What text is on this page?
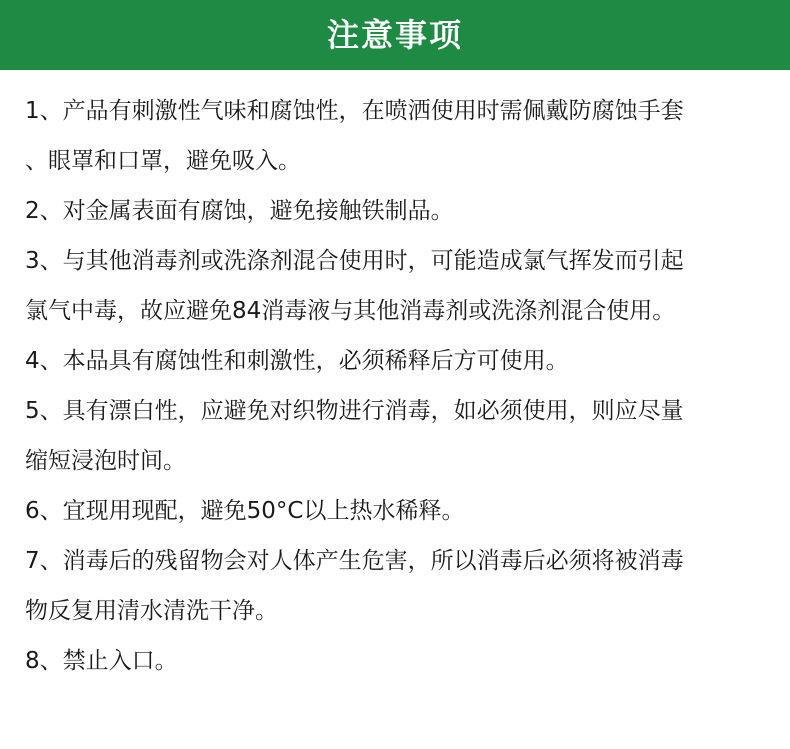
注意事项
1、产品有刺激性气味和腐蚀性，在喷洒使用时需佩戴防腐蚀手套
、眼罩和口罩，避免吸入。
2、对金属表面有腐蚀，避免接触铁制品。
3、与其他消毒剂或洗涤剂混合使用时，可能造成氯气挥发而引起
氯气中毒，故应避免84消毒液与其他消毒剂或洗涤剂混合使用。
4、本品具有腐蚀性和刺激性，必须稀释后方可使用。
5、具有漂白性，应避免对织物进行消毒，如必须使用，则应尽量
缩短浸泡时间。
6、宜现用现配，避免50°C以上热水稀释。
7、消毒后的残留物会对人体产生危害，所以消毒后必须将被消毒
物反复用清水清洗干净。
8、禁止入口。
